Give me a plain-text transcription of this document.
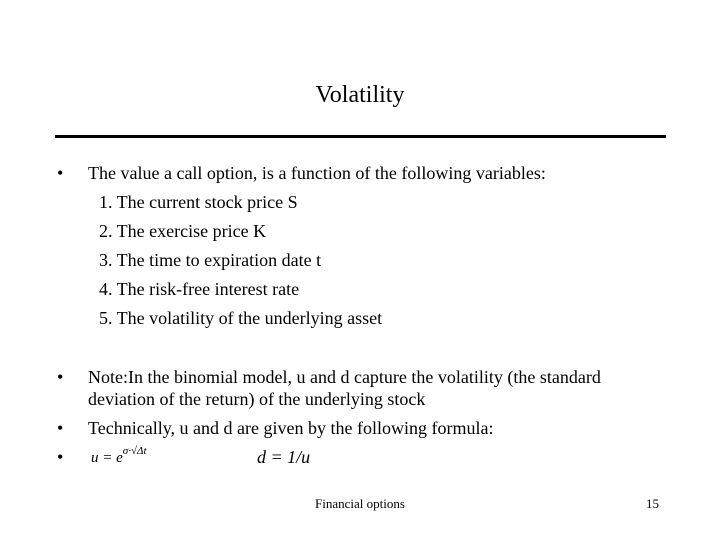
Volatility
• The value a call option, is a function of the following variables:
1. The current stock price S
2. The exercise price K
3. The time to expiration date t
4. The risk-free interest rate
5. The volatility of the underlying asset
• Note:In the binomial model, u and d capture the volatility (the standard deviation of the return) of the underlying stock
• Technically, u and d are given by the following formula:
• $u = e^{\sigma\cdot√\Delta t}$	d = 1/u
Financial options	15
